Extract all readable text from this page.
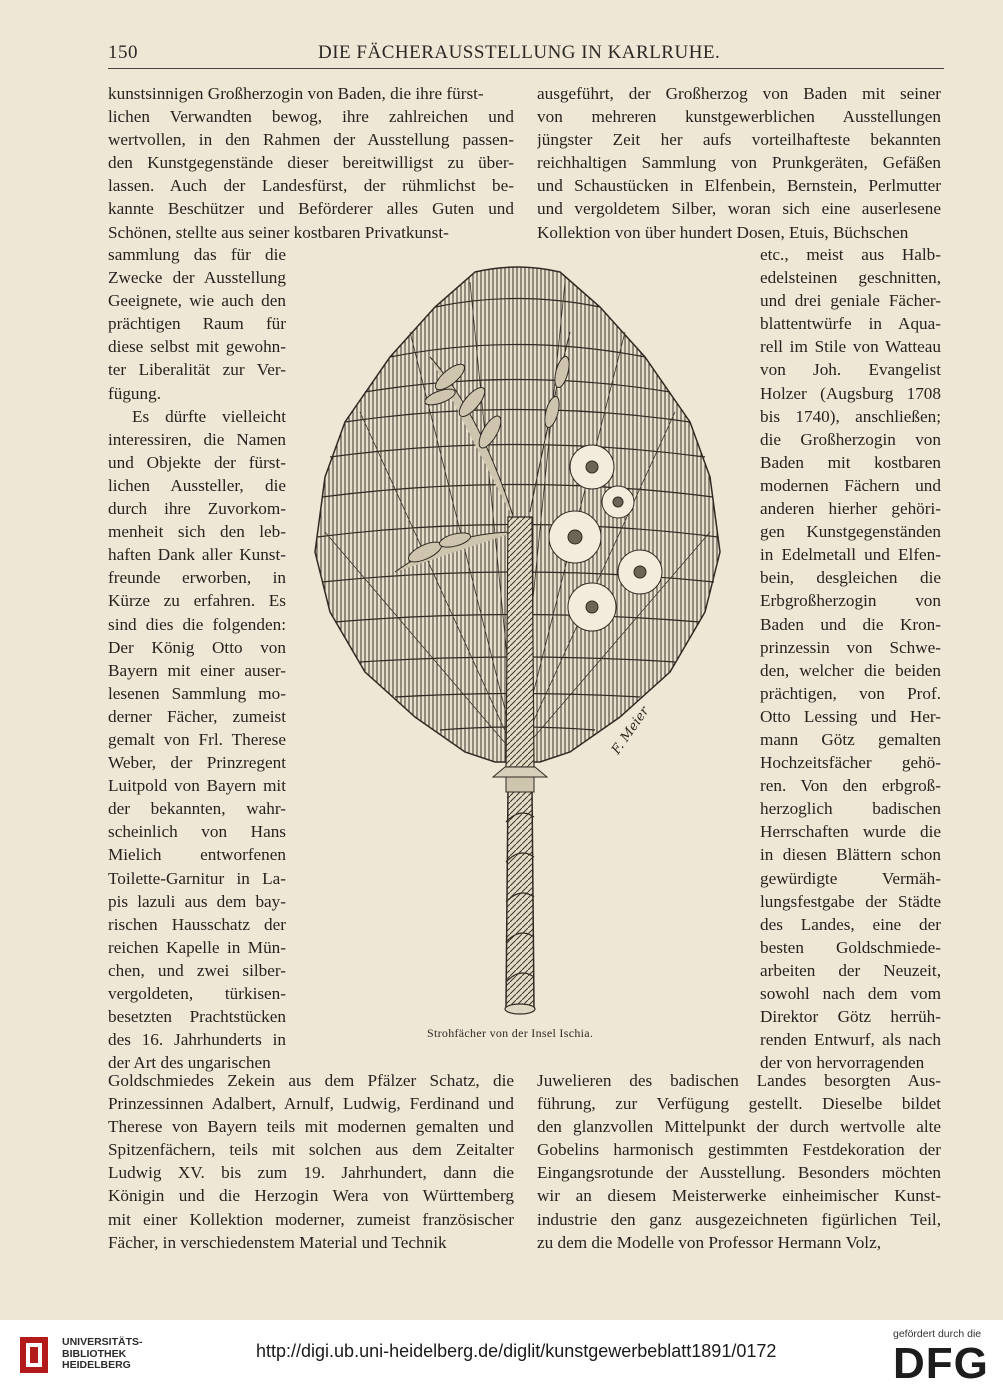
150	DIE FÄCHERAUSSTELLUNG IN KARLRUHE.
kunstsinnigen Großherzogin von Baden, die ihre fürst-
lichen Verwandten bewog, ihre zahlreichen und
wertvollen, in den Rahmen der Ausstellung passen-
den Kunstgegenstände dieser bereitwilligst zu über-
lassen. Auch der Landesfürst, der rühmlichst be-
kannte Beschützer und Beförderer alles Guten und
Schönen, stellte aus seiner kostbaren Privatkunst-
sammlung das für die
Zwecke der Ausstellung
Geeignete, wie auch den
prächtigen Raum für
diese selbst mit gewohn-
ter Liberalität zur Ver-
fügung.
Es dürfte vielleicht
interessiren, die Namen
und Objekte der fürst-
lichen Aussteller, die
durch ihre Zuvorkom-
menheit sich den leb-
haften Dank aller Kunst-
freunde erworben, in
Kürze zu erfahren. Es
sind dies die folgenden:
Der König Otto von
Bayern mit einer auser-
lesenen Sammlung mo-
derner Fächer, zumeist
gemalt von Frl. Therese
Weber, der Prinzregent
Luitpold von Bayern mit
der bekannten, wahr-
scheinlich von Hans
Mielich entworfenen
Toilette-Garnitur in La-
pis lazuli aus dem bay-
rischen Hausschatz der
reichen Kapelle in Mün-
chen, und zwei silber-
vergoldeten, türkisen-
besetzten Prachtstücken
des 16. Jahrhunderts in
der Art des ungarischen
ausgeführt, der Großherzog von Baden mit seiner
von mehreren kunstgewerblichen Ausstellungen
jüngster Zeit her aufs vorteilhafteste bekannten
reichhaltigen Sammlung von Prunkgeräten, Gefäßen
und Schaustücken in Elfenbein, Bernstein, Perlmutter
und vergoldetem Silber, woran sich eine auserlesene
Kollektion von über hundert Dosen, Etuis, Büchschen
etc., meist aus Halb-
edelsteinen geschnitten,
und drei geniale Fächer-
blattentwürfe in Aqua-
rell im Stile von Watteau
von Joh. Evangelist
Holzer (Augsburg 1708
bis 1740), anschließen;
die Großherzogin von
Baden mit kostbaren
modernen Fächern und
anderen hierher gehöri-
gen Kunstgegenständen
in Edelmetall und Elfen-
bein, desgleichen die
Erbgroßherzogin von
Baden und die Kron-
prinzessin von Schwe-
den, welcher die beiden
prächtigen, von Prof.
Otto Lessing und Her-
mann Götz gemalten
Hochzeitsfächer gehö-
ren. Von den erbgroß-
herzoglich badischen
Herrschaften wurde die
in diesen Blättern schon
gewürdigte Vermäh-
lungsfestgabe der Städte
des Landes, eine der
besten Goldschmiede-
arbeiten der Neuzeit,
sowohl nach dem vom
Direktor Götz herrüh-
renden Entwurf, als nach
der von hervorragenden
Goldschmiedes Zekein aus dem Pfälzer Schatz, die
Prinzessinnen Adalbert, Arnulf, Ludwig, Ferdinand und
Therese von Bayern teils mit modernen gemalten und
Spitzenfächern, teils mit solchen aus dem Zeitalter
Ludwig XV. bis zum 19. Jahrhundert, dann die
Königin und die Herzogin Wera von Württemberg
mit einer Kollektion moderner, zumeist französischer
Fächer, in verschiedenstem Material und Technik
Juwelieren des badischen Landes besorgten Aus-
führung, zur Verfügung gestellt. Dieselbe bildet
den glanzvollen Mittelpunkt der durch wertvolle alte
Gobelins harmonisch gestimmten Festdekoration der
Eingangsrotunde der Ausstellung. Besonders möchten
wir an diesem Meisterwerke einheimischer Kunst-
industrie den ganz ausgezeichneten figürlichen Teil,
zu dem die Modelle von Professor Hermann Volz,
F. Meier
Strohfächer von der Insel Ischia.
UNIVERSITÄTS-
BIBLIOTHEK
HEIDELBERG
http://digi.ub.uni-heidelberg.de/diglit/kunstgewerbeblatt1891/0172
gefördert durch die
DFG
